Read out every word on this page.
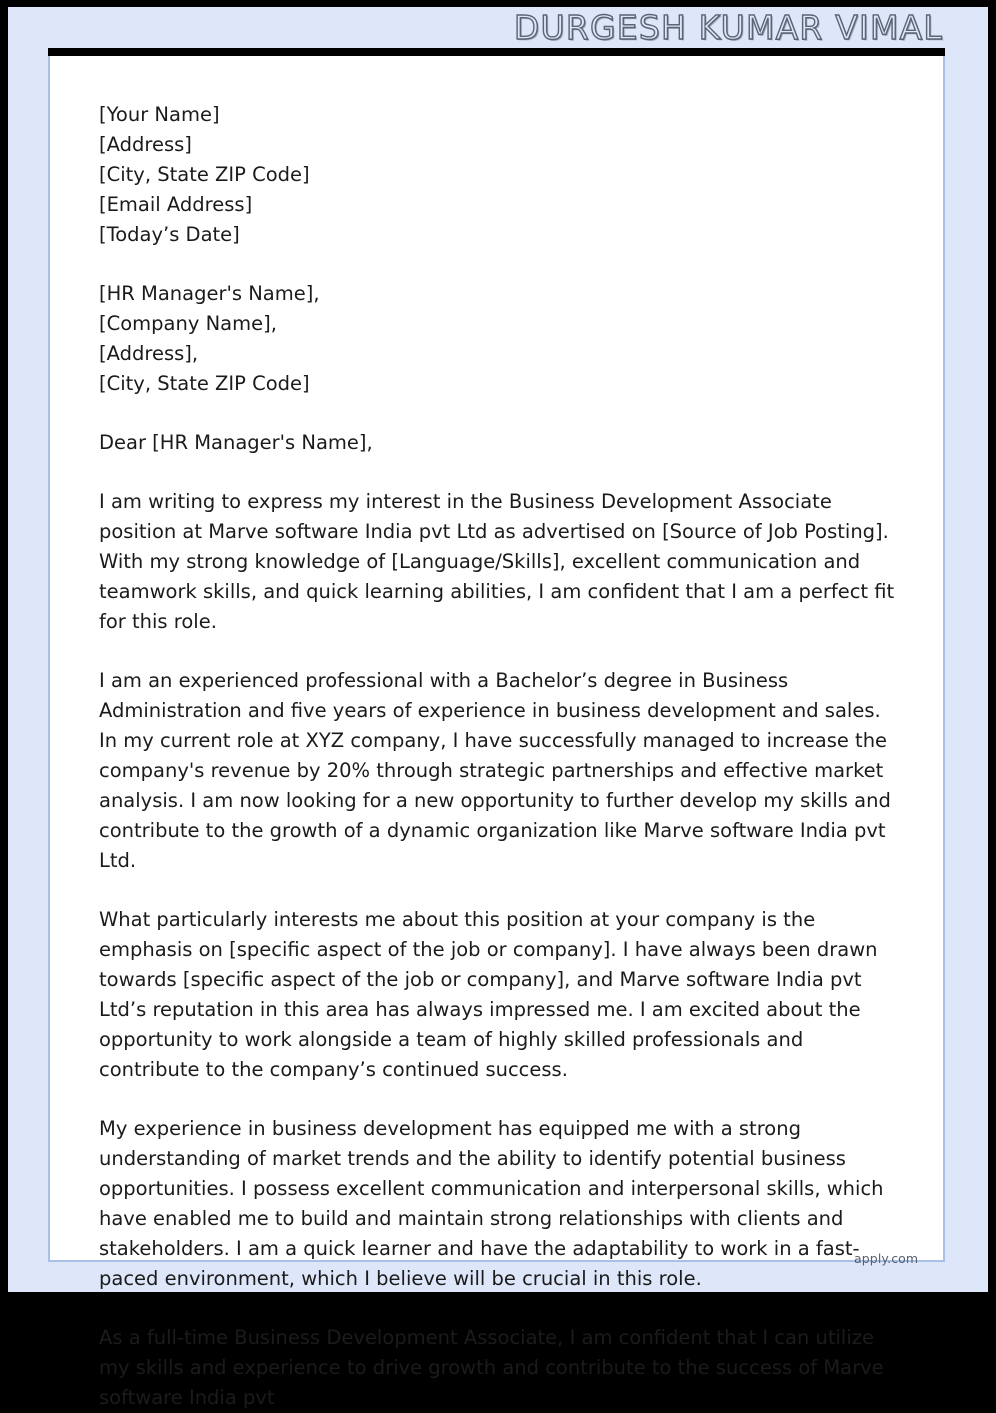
DURGESH KUMAR VIMAL
[Your Name]
[Address]
[City, State ZIP Code]
[Email Address]
[Today’s Date]
[HR Manager's Name],
[Company Name],
[Address],
[City, State ZIP Code]
Dear [HR Manager's Name],

I am writing to express my interest in the Business Development Associate position at Marve software India pvt Ltd as advertised on [Source of Job Posting]. With my strong knowledge of [Language/Skills], excellent communication and teamwork skills, and quick learning abilities, I am confident that I am a perfect fit for this role.

I am an experienced professional with a Bachelor’s degree in Business Administration and five years of experience in business development and sales. In my current role at XYZ company, I have successfully managed to increase the company's revenue by 20% through strategic partnerships and effective market analysis. I am now looking for a new opportunity to further develop my skills and contribute to the growth of a dynamic organization like Marve software India pvt Ltd.

What particularly interests me about this position at your company is the emphasis on [specific aspect of the job or company]. I have always been drawn towards [specific aspect of the job or company], and Marve software India pvt Ltd’s reputation in this area has always impressed me. I am excited about the opportunity to work alongside a team of highly skilled professionals and contribute to the company’s continued success.

My experience in business development has equipped me with a strong understanding of market trends and the ability to identify potential business opportunities. I possess excellent communication and interpersonal skills, which have enabled me to build and maintain strong relationships with clients and stakeholders. I am a quick learner and have the adaptability to work in a fast-paced environment, which I believe will be crucial in this role.

As a full-time Business Development Associate, I am confident that I can utilize my skills and experience to drive growth and contribute to the success of Marve software India pvt

apply.com
